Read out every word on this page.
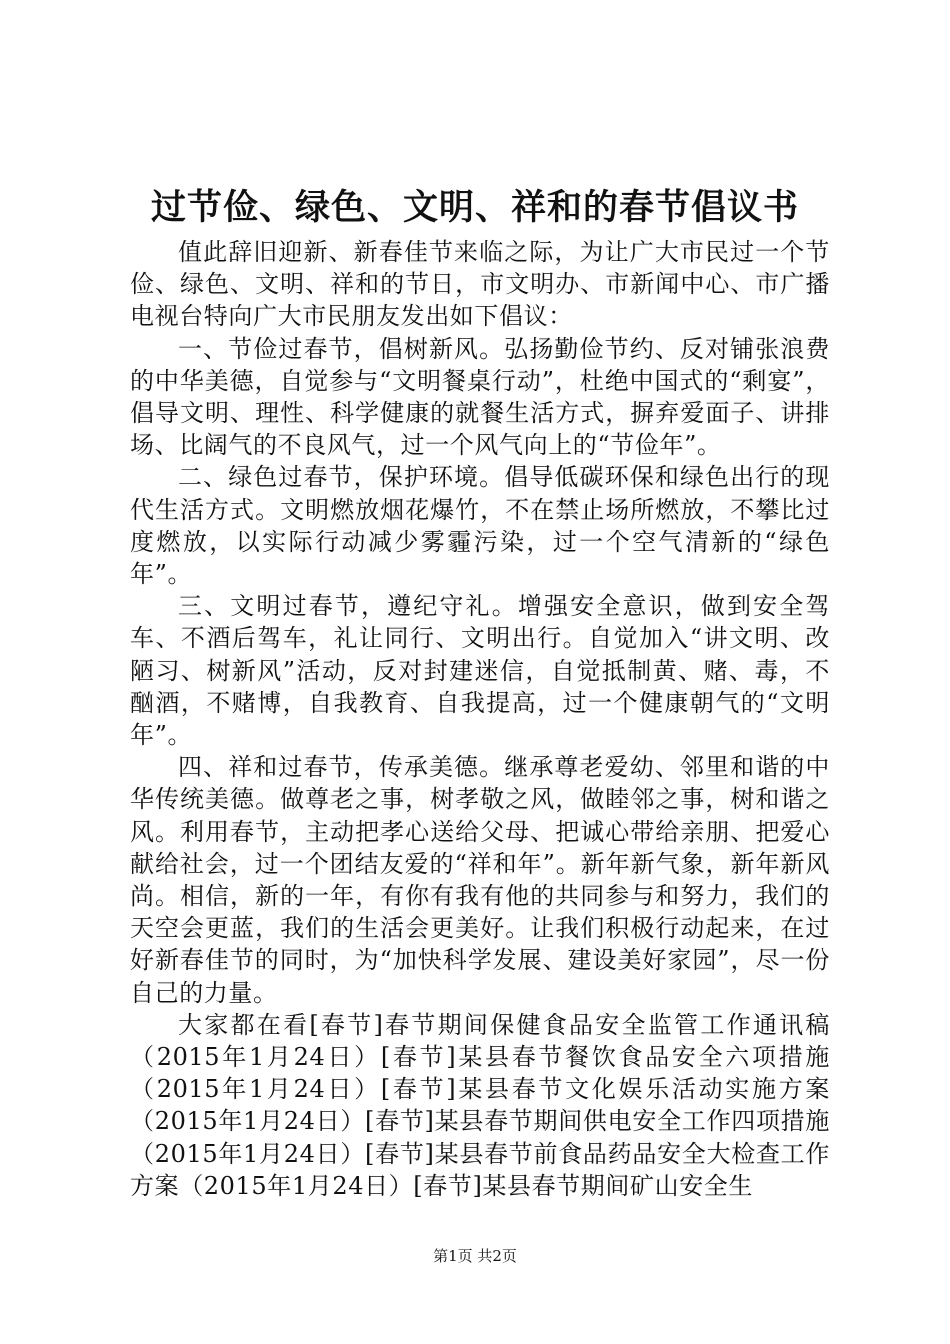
过节俭、绿色、文明、祥和的春节倡议书

值此辞旧迎新、新春佳节来临之际，为让广大市民过一个节俭、绿色、文明、祥和的节日，市文明办、市新闻中心、市广播电视台特向广大市民朋友发出如下倡议：

一、节俭过春节，倡树新风。弘扬勤俭节约、反对铺张浪费的中华美德，自觉参与“文明餐桌行动”，杜绝中国式的“剩宴”，倡导文明、理性、科学健康的就餐生活方式，摒弃爱面子、讲排场、比阔气的不良风气，过一个风气向上的“节俭年”。

二、绿色过春节，保护环境。倡导低碳环保和绿色出行的现代生活方式。文明燃放烟花爆竹，不在禁止场所燃放，不攀比过度燃放，以实际行动减少雾霾污染，过一个空气清新的“绿色年”。

三、文明过春节，遵纪守礼。增强安全意识，做到安全驾车、不酒后驾车，礼让同行、文明出行。自觉加入“讲文明、改陋习、树新风”活动，反对封建迷信，自觉抵制黄、赌、毒，不酗酒，不赌博，自我教育、自我提高，过一个健康朝气的“文明年”。

四、祥和过春节，传承美德。继承尊老爱幼、邻里和谐的中华传统美德。做尊老之事，树孝敬之风，做睦邻之事，树和谐之风。利用春节，主动把孝心送给父母、把诚心带给亲朋、把爱心献给社会，过一个团结友爱的“祥和年”。新年新气象，新年新风尚。相信，新的一年，有你有我有他的共同参与和努力，我们的天空会更蓝，我们的生活会更美好。让我们积极行动起来，在过好新春佳节的同时，为“加快科学发展、建设美好家园”，尽一份自己的力量。

大家都在看[春节]春节期间保健食品安全监管工作通讯稿（2015年1月24日）[春节]某县春节餐饮食品安全六项措施（2015年1月24日）[春节]某县春节文化娱乐活动实施方案（2015年1月24日）[春节]某县春节期间供电安全工作四项措施（2015年1月24日）[春节]某县春节前食品药品安全大检查工作方案（2015年1月24日）[春节]某县春节期间矿山安全生

第1页 共2页
